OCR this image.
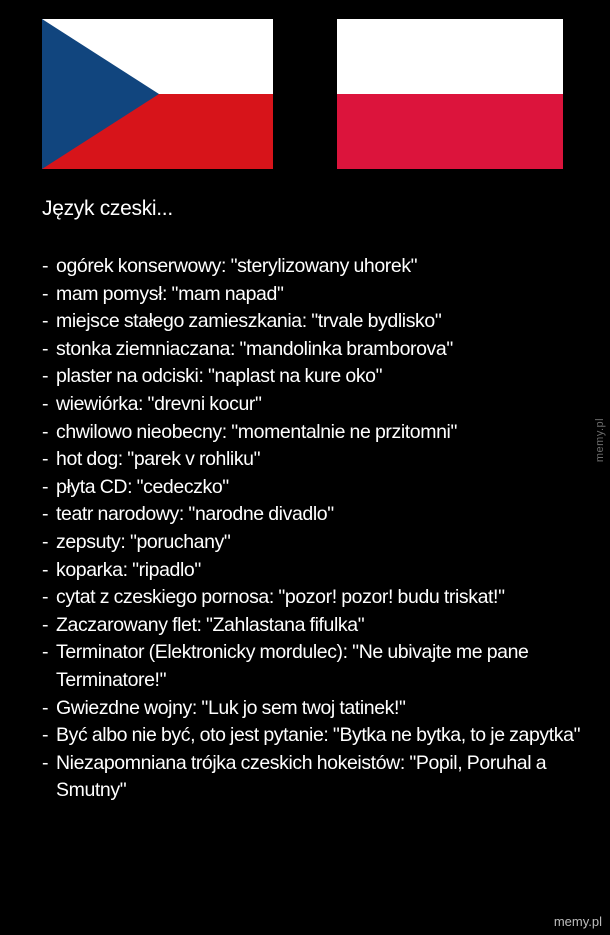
Język czeski...
- ogórek konserwowy: "sterylizowany uhorek"
- mam pomysł: "mam napad"
- miejsce stałego zamieszkania: "trvale bydlisko"
- stonka ziemniaczana: "mandolinka bramborova"
- plaster na odciski: "naplast na kure oko"
- wiewiórka: "drevni kocur"
- chwilowo nieobecny: "momentalnie ne przitomni"
- hot dog: "parek v rohliku"
- płyta CD: "cedeczko"
- teatr narodowy: "narodne divadlo"
- zepsuty: "poruchany"
- koparka: "ripadlo"
- cytat z czeskiego pornosa: "pozor! pozor! budu triskat!"
- Zaczarowany flet: "Zahlastana fifulka"
- Terminator (Elektronicky mordulec): "Ne ubivajte me pane Terminatore!"
- Gwiezdne wojny: "Luk jo sem twoj tatinek!"
- Być albo nie być, oto jest pytanie: "Bytka ne bytka, to je zapytka"
- Niezapomniana trójka czeskich hokeistów: "Popil, Poruhal a Smutny"
memy.pl
memy.pl
